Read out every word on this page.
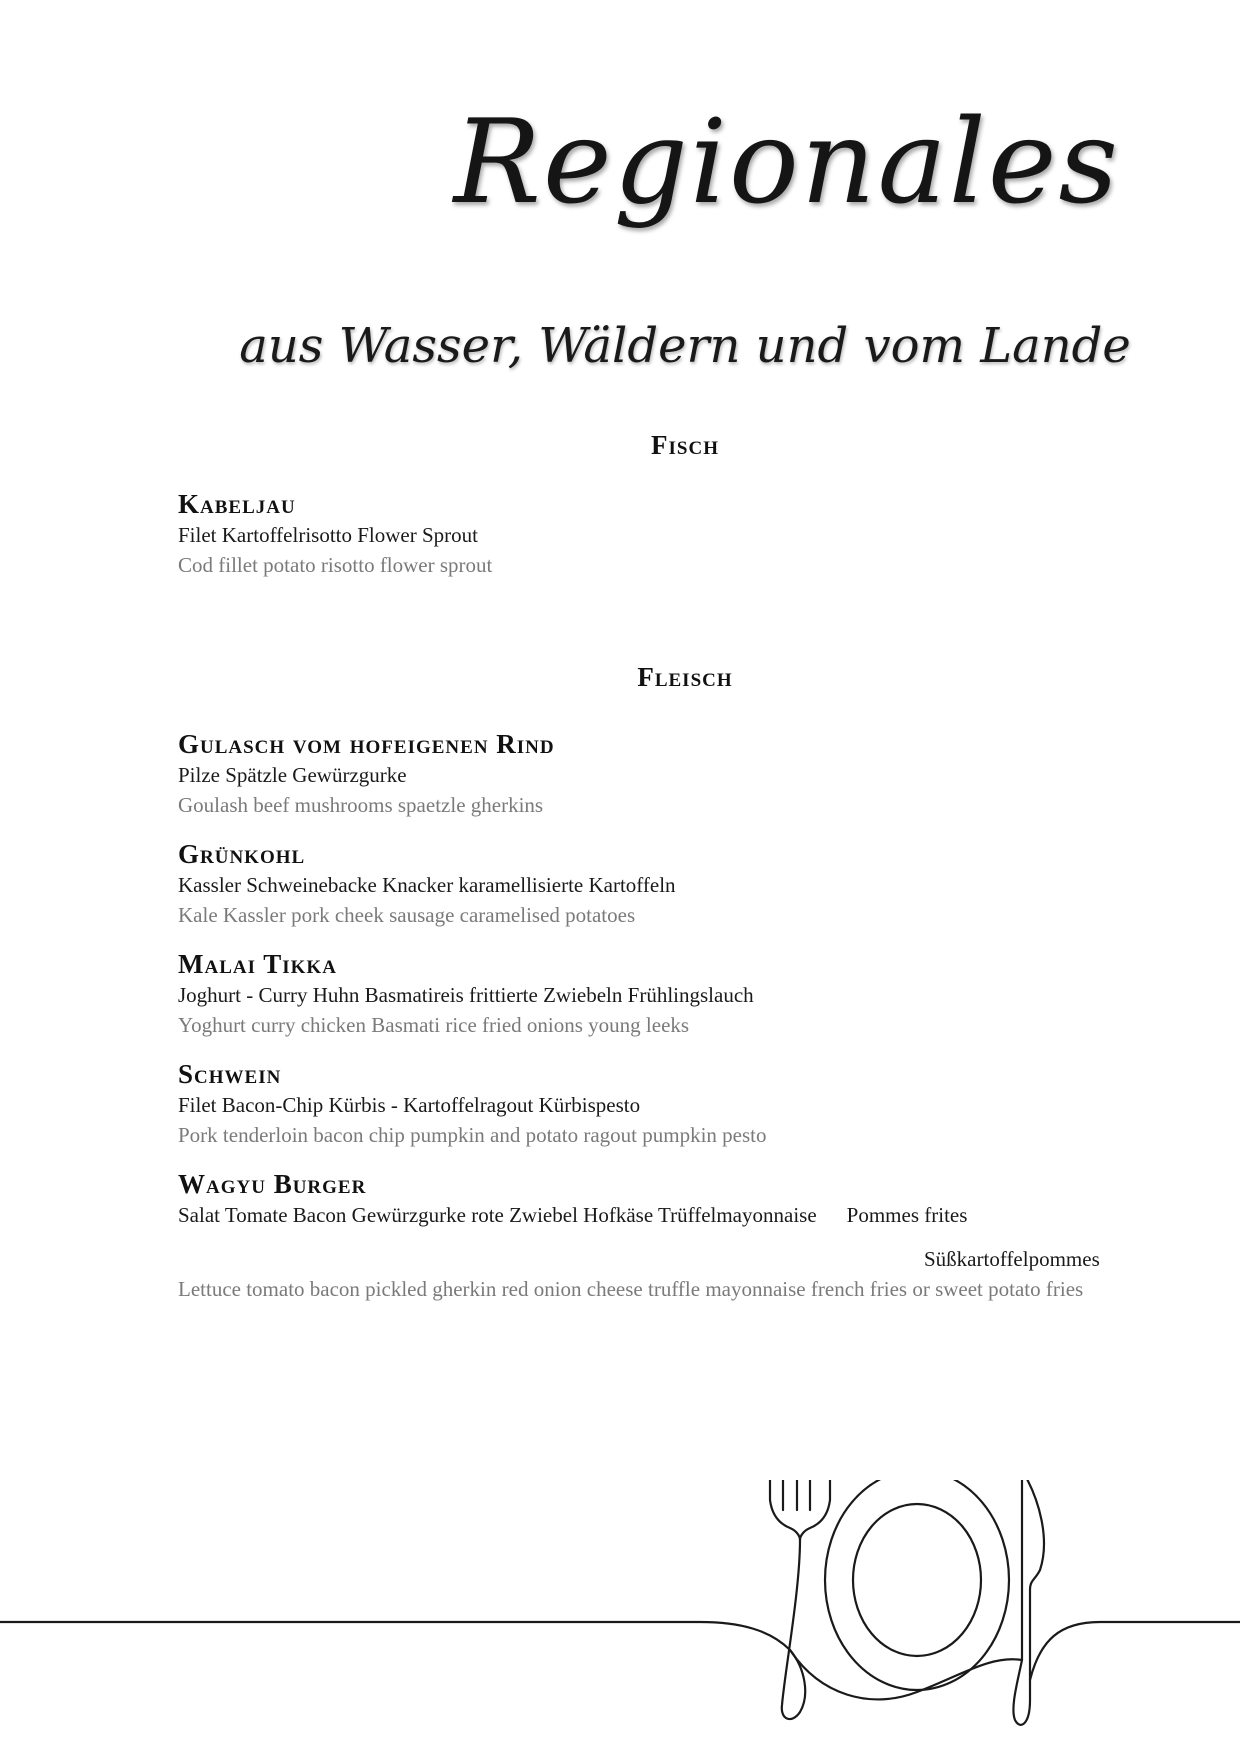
Regionales
aus Wasser, Wäldern und vom Lande
Fisch

Kabeljau

Filet Kartoffelrisotto Flower Sprout

Cod fillet potato risotto flower sprout

Fleisch

Gulasch vom hofeigenen Rind

Pilze Spätzle Gewürzgurke

Goulash beef mushrooms spaetzle gherkins

Grünkohl

Kassler Schweinebacke Knacker karamellisierte Kartoffeln

Kale Kassler pork cheek sausage caramelised potatoes

Malai Tikka

Joghurt - Curry Huhn Basmatireis frittierte Zwiebeln Frühlingslauch

Yoghurt curry chicken Basmati rice fried onions young leeks

Schwein

Filet Bacon-Chip Kürbis - Kartoffelragout Kürbispesto

Pork tenderloin bacon chip pumpkin and potato ragout pumpkin pesto

Wagyu Burger

Salat Tomate Bacon Gewürzgurke rote Zwiebel Hofkäse Trüffelmayonnaise Pommes frites

Süßkartoffelpommes

Lettuce tomato bacon pickled gherkin red onion cheese truffle mayonnaise french fries or sweet potato fries
